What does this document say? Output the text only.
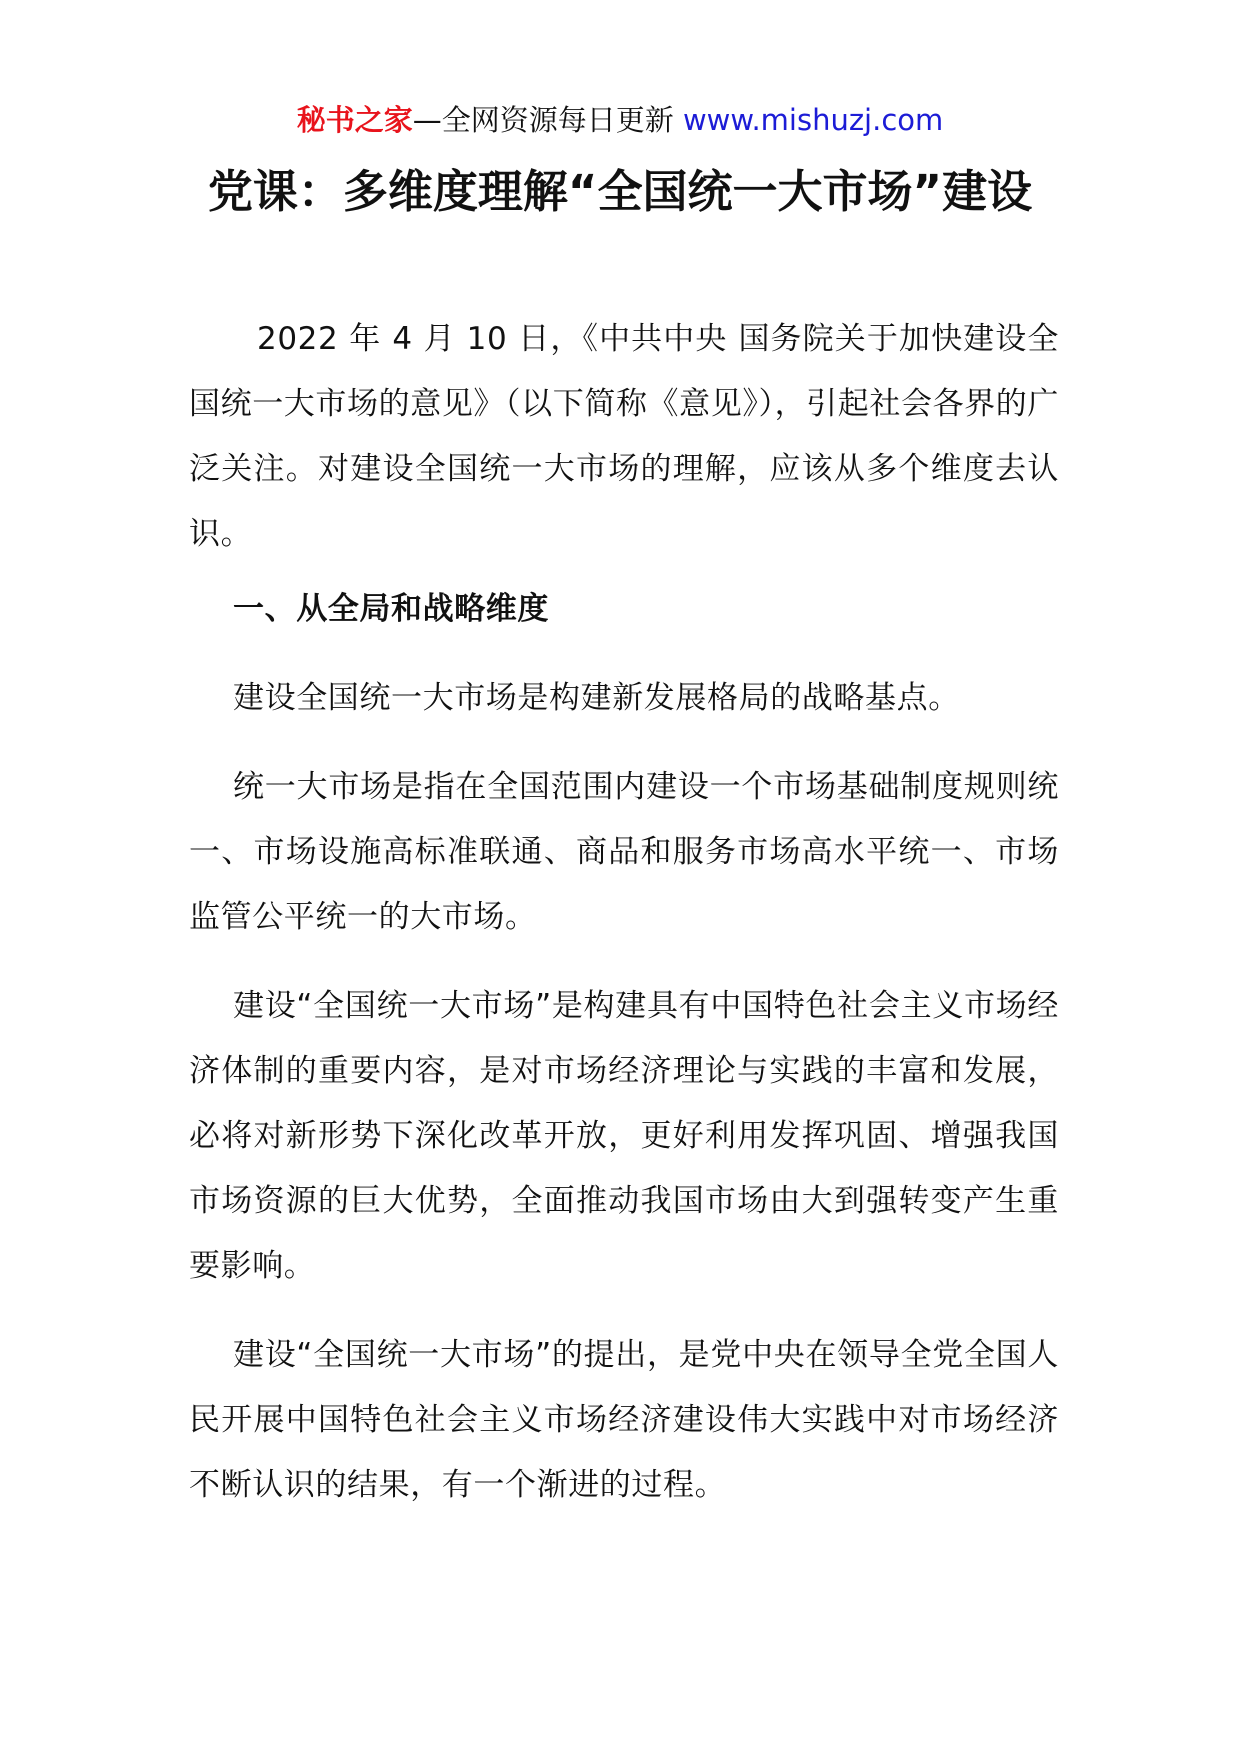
秘书之家—全网资源每日更新 www.mishuzj.com
党课：多维度理解“全国统一大市场”建设

2022 年 4 月 10 日，《中共中央 国务院关于加快建设全国统一大市场的意见》（以下简称《意见》），引起社会各界的广泛关注。对建设全国统一大市场的理解，应该从多个维度去认识。

一、从全局和战略维度

建设全国统一大市场是构建新发展格局的战略基点。

统一大市场是指在全国范围内建设一个市场基础制度规则统一、市场设施高标准联通、商品和服务市场高水平统一、市场监管公平统一的大市场。

建设“全国统一大市场”是构建具有中国特色社会主义市场经济体制的重要内容，是对市场经济理论与实践的丰富和发展，必将对新形势下深化改革开放，更好利用发挥巩固、增强我国市场资源的巨大优势，全面推动我国市场由大到强转变产生重要影响。

建设“全国统一大市场”的提出，是党中央在领导全党全国人民开展中国特色社会主义市场经济建设伟大实践中对市场经济不断认识的结果，有一个渐进的过程。
